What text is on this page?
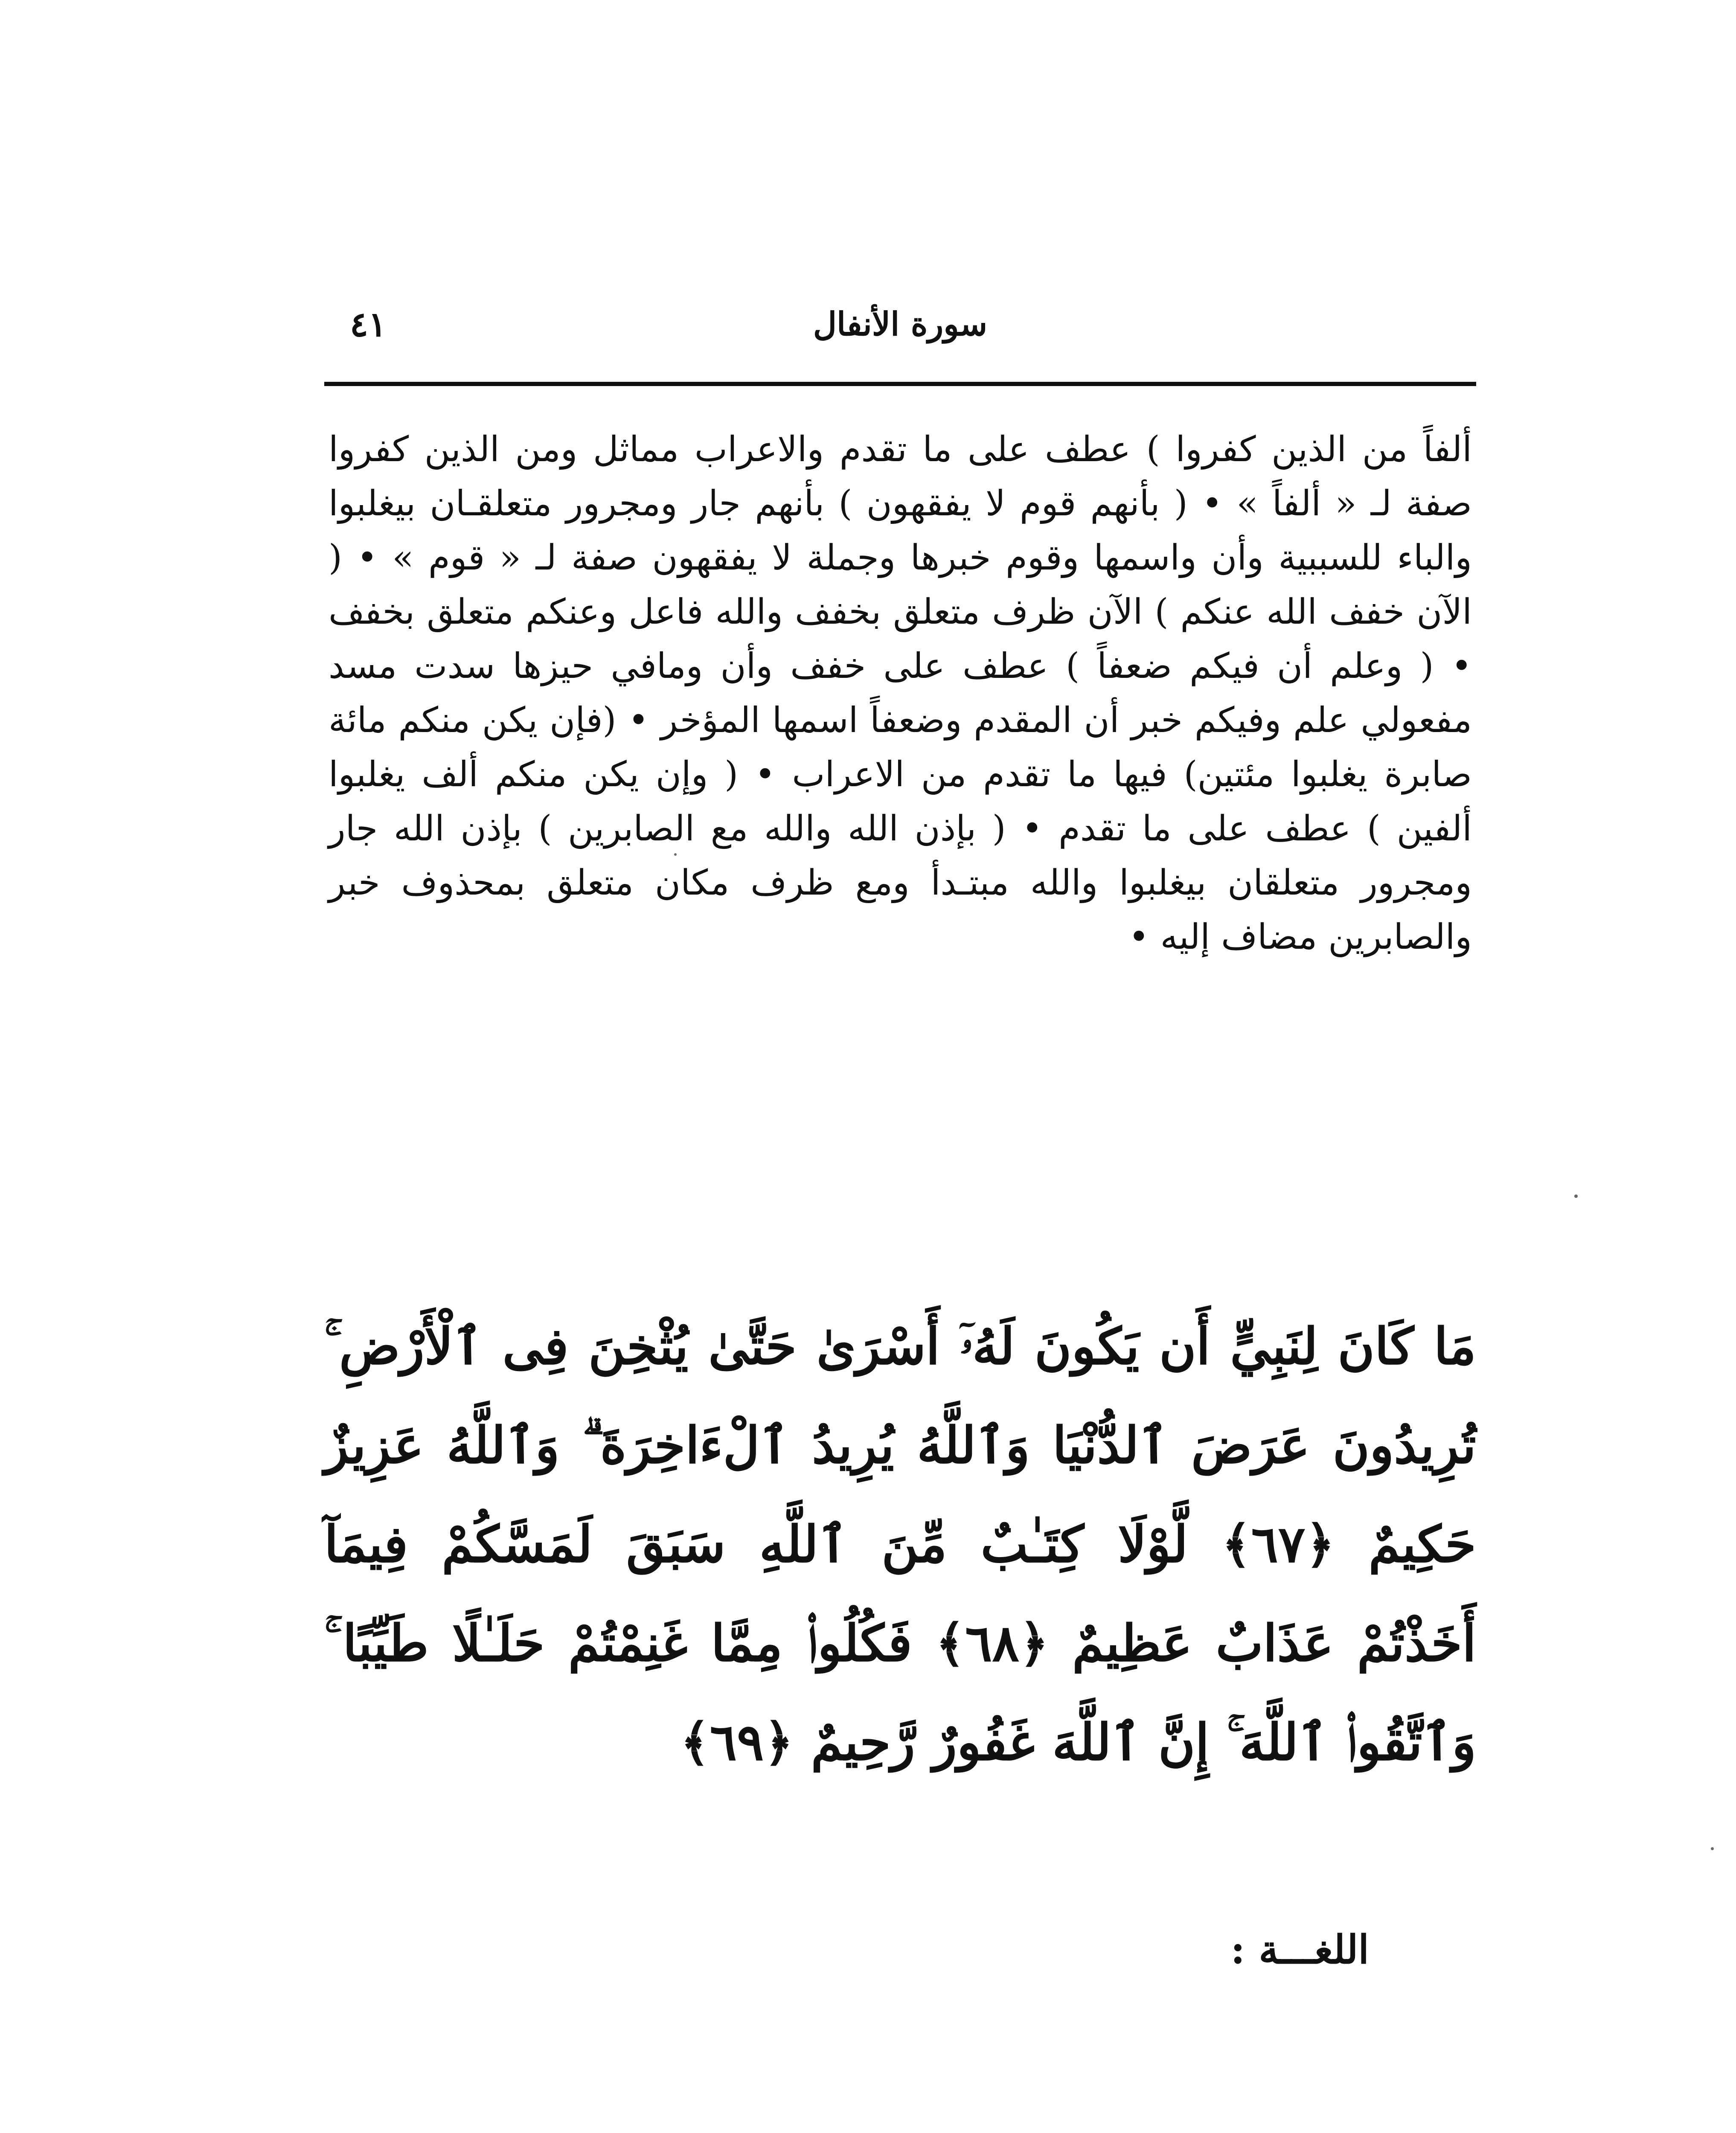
سورة الأنفال
٤١
ألفاً من الذين كفروا ) عطف على ما تقدم والاعراب مماثل ومن الذين كفروا صفة لـ « ألفاً » • ( بأنهم قوم لا يفقهون ) بأنهم جار ومجرور متعلقـان بيغلبوا والباء للسببية وأن واسمها وقوم خبرها وجملة لا يفقهون صفة لـ « قوم » • ( الآن خفف الله عنكم ) الآن ظرف متعلق بخفف والله فاعل وعنكم متعلق بخفف • ( وعلم أن فيكم ضعفاً ) عطف على خفف وأن ومافي حيزها سدت مسد مفعولي علم وفيكم خبر أن المقدم وضعفاً اسمها المؤخر • (فإن يكن منكم مائة صابرة يغلبوا مئتين) فيها ما تقدم من الاعراب • ( وإن يكن منكم ألف يغلبوا ألفين ) عطف على ما تقدم • ( بإذن الله والله مع الصابرين ) بإذن الله جار ومجرور متعلقان بيغلبوا والله مبتـدأ ومع ظرف مكان متعلق بمحذوف خبر والصابرين مضاف إليه •
مَا كَانَ لِنَبِيٍّ أَن يَكُونَ لَهُۥٓ أَسْرَىٰ حَتَّىٰ يُثْخِنَ فِى ٱلْأَرْضِ ۚ تُرِيدُونَ عَرَضَ ٱلدُّنْيَا وَٱللَّهُ يُرِيدُ ٱلْءَاخِرَةَ ۗ وَٱللَّهُ عَزِيزٌ حَكِيمٌ ﴿٦٧﴾ لَّوْلَا كِتَـٰبٌ مِّنَ ٱللَّهِ سَبَقَ لَمَسَّكُمْ فِيمَآ أَخَذْتُمْ عَذَابٌ عَظِيمٌ ﴿٦٨﴾ فَكُلُوا۟ مِمَّا غَنِمْتُمْ حَلَـٰلًا طَيِّبًا ۚ وَٱتَّقُوا۟ ٱللَّهَ ۚ إِنَّ ٱللَّهَ غَفُورٌ رَّحِيمٌ ﴿٦٩﴾
اللغـــة :
